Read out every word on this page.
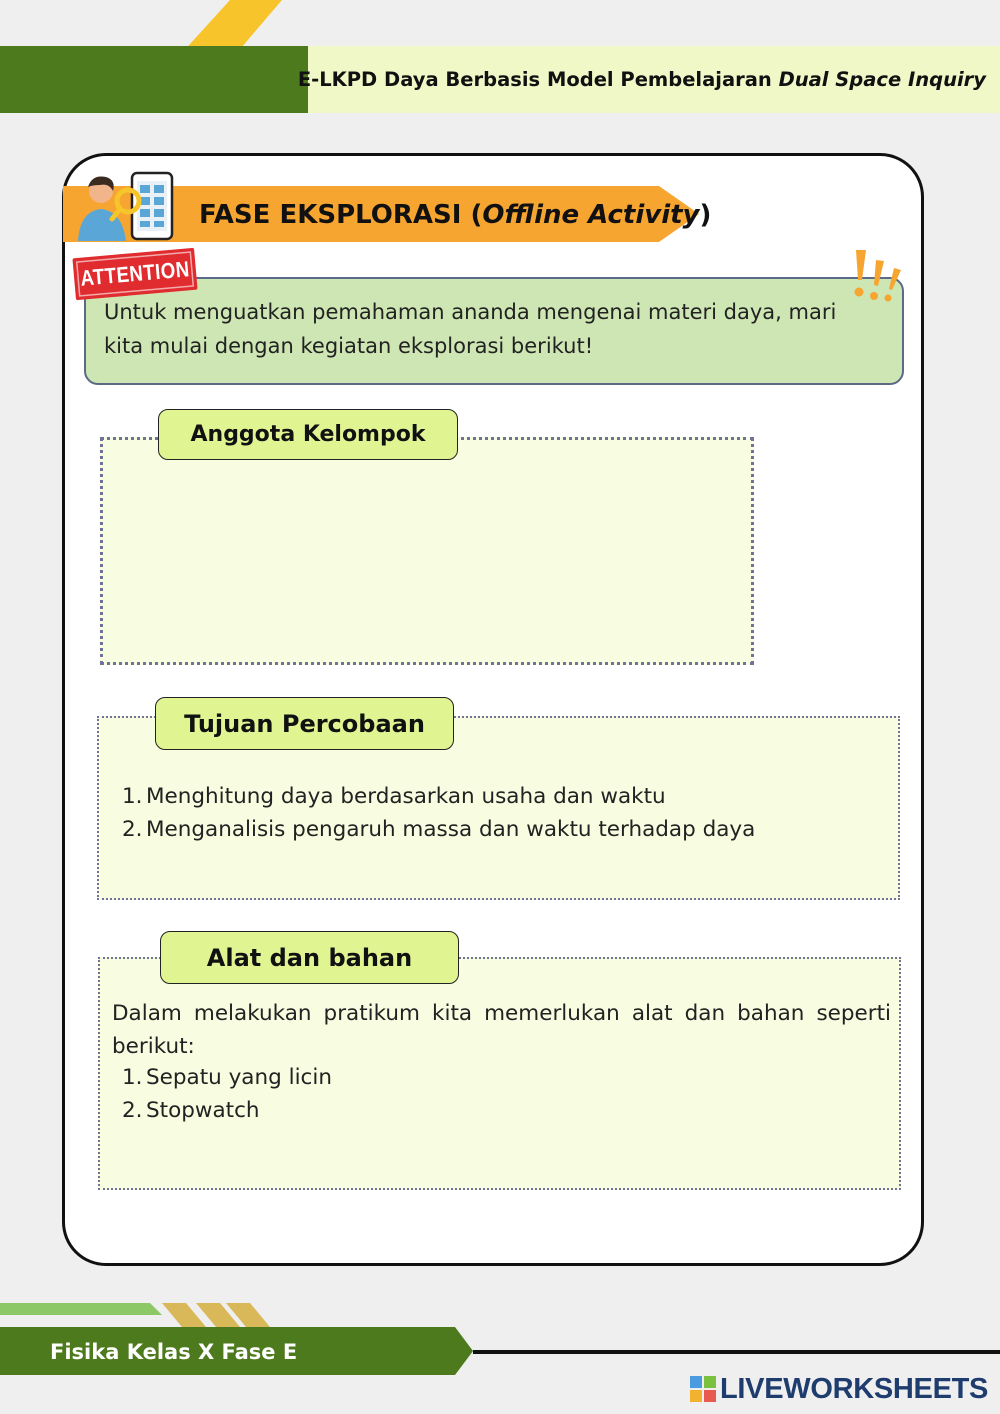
E-LKPD Daya Berbasis Model Pembelajaran Dual Space Inquiry
FASE EKSPLORASI (Offline Activity)
Untuk menguatkan pemahaman ananda mengenai materi daya, mari kita mulai dengan kegiatan eksplorasi berikut!
ATTENTION
Anggota Kelompok
Tujuan Percobaan
1. Menghitung daya berdasarkan usaha dan waktu
2. Menganalisis pengaruh massa dan waktu terhadap daya
Alat dan bahan
Dalam melakukan pratikum kita memerlukan alat dan bahan seperti berikut:
1. Sepatu yang licin
2. Stopwatch
Fisika Kelas X Fase E
LIVEWORKSHEETS
